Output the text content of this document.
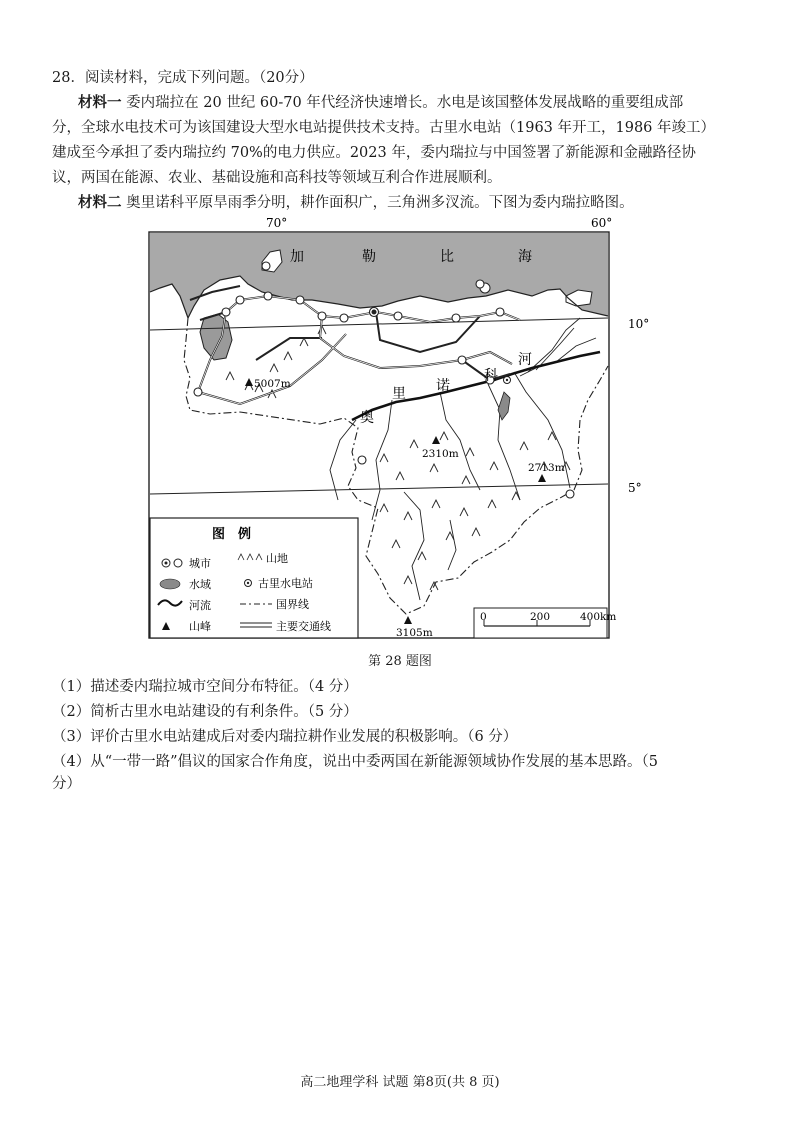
28．阅读材料，完成下列问题。（20分）
材料一 委内瑞拉在 20 世纪 60-70 年代经济快速增长。水电是该国整体发展战略的重要组成部
分，全球水电技术可为该国建设大型水电站提供技术支持。古里水电站（1963 年开工，1986 年竣工）
建成至今承担了委内瑞拉约 70%的电力供应。2023 年，委内瑞拉与中国签署了新能源和金融路径协
议，两国在能源、农业、基础设施和高科技等领域互利合作进展顺利。
材料二 奥里诺科平原旱雨季分明，耕作面积广，三角洲多汊流。下图为委内瑞拉略图。
70°	60°
10°
5°
加	勒	比	海
奥
里 诺
科
河
5007m
2310m
2713m
3105m
图　例
城市	山地
水域	古里水电站
河流	国界线
山峰	主要交通线
0	200	400km
第 28 题图
（1）描述委内瑞拉城市空间分布特征。（4 分）
（2）简析古里水电站建设的有利条件。（5 分）
（3）评价古里水电站建成后对委内瑞拉耕作业发展的积极影响。（6 分）
（4）从“一带一路”倡议的国家合作角度，说出中委两国在新能源领域协作发展的基本思路。（5
分）
高二地理学科 试题 第8页(共 8 页)
